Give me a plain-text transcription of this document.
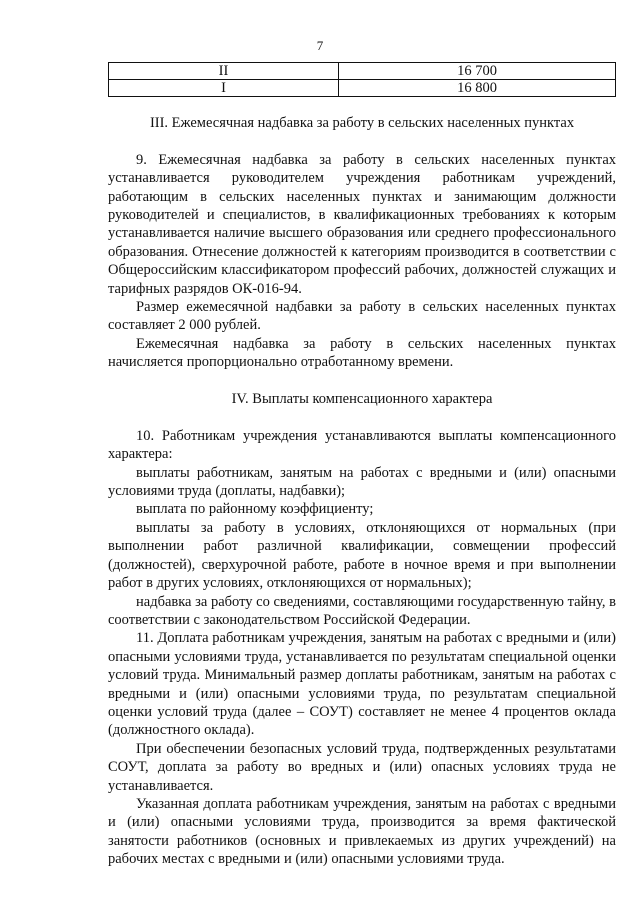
7
II	16 700
I	16 800

III. Ежемесячная надбавка за работу в сельских населенных пунктах

9. Ежемесячная надбавка за работу в сельских населенных пунктах устанавливается руководителем учреждения работникам учреждений, работающим в сельских населенных пунктах и занимающим должности руководителей и специалистов, в квалификационных требованиях к которым устанавливается наличие высшего образования или среднего профессионального образования. Отнесение должностей к категориям производится в соответствии с Общероссийским классификатором профессий рабочих, должностей служащих и тарифных разрядов ОК-016-94.

Размер ежемесячной надбавки за работу в сельских населенных пунктах составляет 2 000 рублей.

Ежемесячная надбавка за работу в сельских населенных пунктах начисляется пропорционально отработанному времени.

IV. Выплаты компенсационного характера

10. Работникам учреждения устанавливаются выплаты компенсационного характера:

выплаты работникам, занятым на работах с вредными и (или) опасными условиями труда (доплаты, надбавки);

выплата по районному коэффициенту;

выплаты за работу в условиях, отклоняющихся от нормальных (при выполнении работ различной квалификации, совмещении профессий (должностей), сверхурочной работе, работе в ночное время и при выполнении работ в других условиях, отклоняющихся от нормальных);

надбавка за работу со сведениями, составляющими государственную тайну, в соответствии с законодательством Российской Федерации.

11. Доплата работникам учреждения, занятым на работах с вредными и (или) опасными условиями труда, устанавливается по результатам специальной оценки условий труда. Минимальный размер доплаты работникам, занятым на работах с вредными и (или) опасными условиями труда, по результатам специальной оценки условий труда (далее – СОУТ) составляет не менее 4 процентов оклада (должностного оклада).

При обеспечении безопасных условий труда, подтвержденных результатами СОУТ, доплата за работу во вредных и (или) опасных условиях труда не устанавливается.

Указанная доплата работникам учреждения, занятым на работах с вредными и (или) опасными условиями труда, производится за время фактической занятости работников (основных и привлекаемых из других учреждений) на рабочих местах с вредными и (или) опасными условиями труда.
